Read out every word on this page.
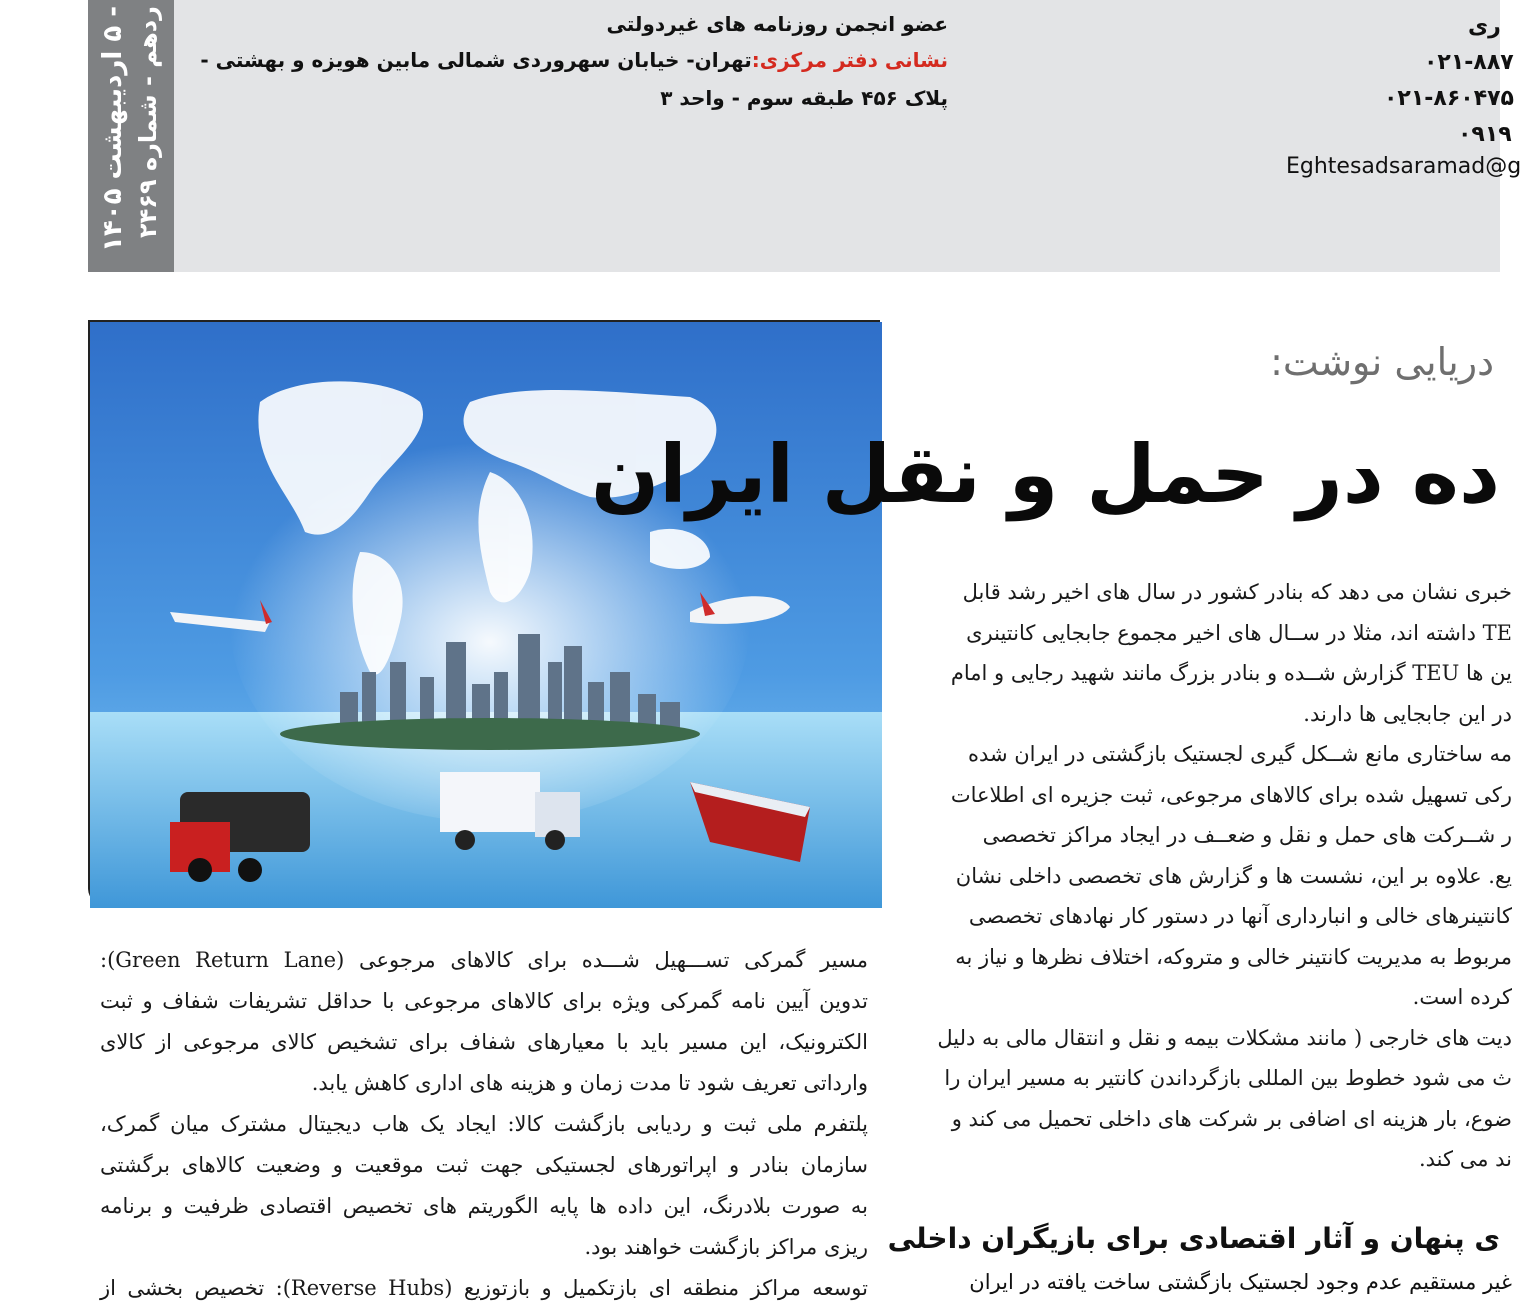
- ۵ اردیبهشت ۱۴۰۵
رد‌هم - شماره ۲۴۶۹	عضو انجمن روزنامه های غیردولتی
نشانی دفتر مرکزی:تهران- خیابان سهروردی شمالی مابین هویزه و بهشتی -
پلاک ۴۵۶ طبقه سوم - واحد ۳
ری
۰۲۱-۸۸٧
۰۲۱-۸۶۰۴۷۵
۰۹۱۹
Eghtesadsaramad@g
دریایی نوشت:
ده در حمل و نقل ایران
خبری نشان می دهد که بنادر کشور در سال های اخیر رشد قابل
TE داشته اند، مثلا در ســال های اخیر مجموع جابجایی کانتینری
ین ها TEU گزارش شــده و بنادر بزرگ مانند شهید رجایی و امام
در این جابجایی ها دارند.
مه ساختاری مانع شــکل گیری لجستیک بازگشتی در ایران شده
رکی تسهیل شده برای کالاهای مرجوعی، ثبت جزیره ای اطلاعات
ر شــرکت های حمل و نقل و ضعــف در ایجاد مراکز تخصصی
یع. علاوه بر این، نشست ها و گزارش های تخصصی داخلی نشان
کانتینرهای خالی و انبارداری آنها در دستور کار نهادهای تخصصی
مربوط به مدیریت کانتینر خالی و متروکه، اختلاف نظرها و نیاز به
کرده است.
دیت های خارجی ( مانند مشکلات بیمه و نقل و انتقال مالی به دلیل
ث می شود خطوط بین المللی بازگرداندن کانتیر به مسیر ایران را
ضوع، بار هزینه ای اضافی بر شرکت های داخلی تحمیل می کند و
ند می کند.
ی پنهان و آثار اقتصادی برای بازیگران داخلی
غیر مستقیم عدم وجود لجستیک بازگشتی ساخت یافته در ایران
مسیر گمرکی تســـهیل شـــده برای کالاهای مرجوعی (Green Return Lane):
تدوین آیین نامه گمرکی ویژه برای کالاهای مرجوعی با حداقل تشریفات شفاف و ثبت
الکترونیک، این مسیر باید با معیارهای شفاف برای تشخیص کالای مرجوعی از کالای
وارداتی تعریف شود تا مدت زمان و هزینه های اداری کاهش یابد.
پلتفرم ملی ثبت و ردیابی بازگشت کالا: ایجاد یک هاب دیجیتال مشترک میان گمرک،
سازمان بنادر و اپراتورهای لجستیکی جهت ثبت موقعیت و وضعیت کالاهای برگشتی
به صورت بلادرنگ، این داده ها پایه الگوریتم های تخصیص اقتصادی ظرفیت و برنامه
ریزی مراکز بازگشت خواهند بود.
توسعه مراکز منطقه ای بازتکمیل و بازتوزیع (Reverse Hubs): تخصیص بخشی از
